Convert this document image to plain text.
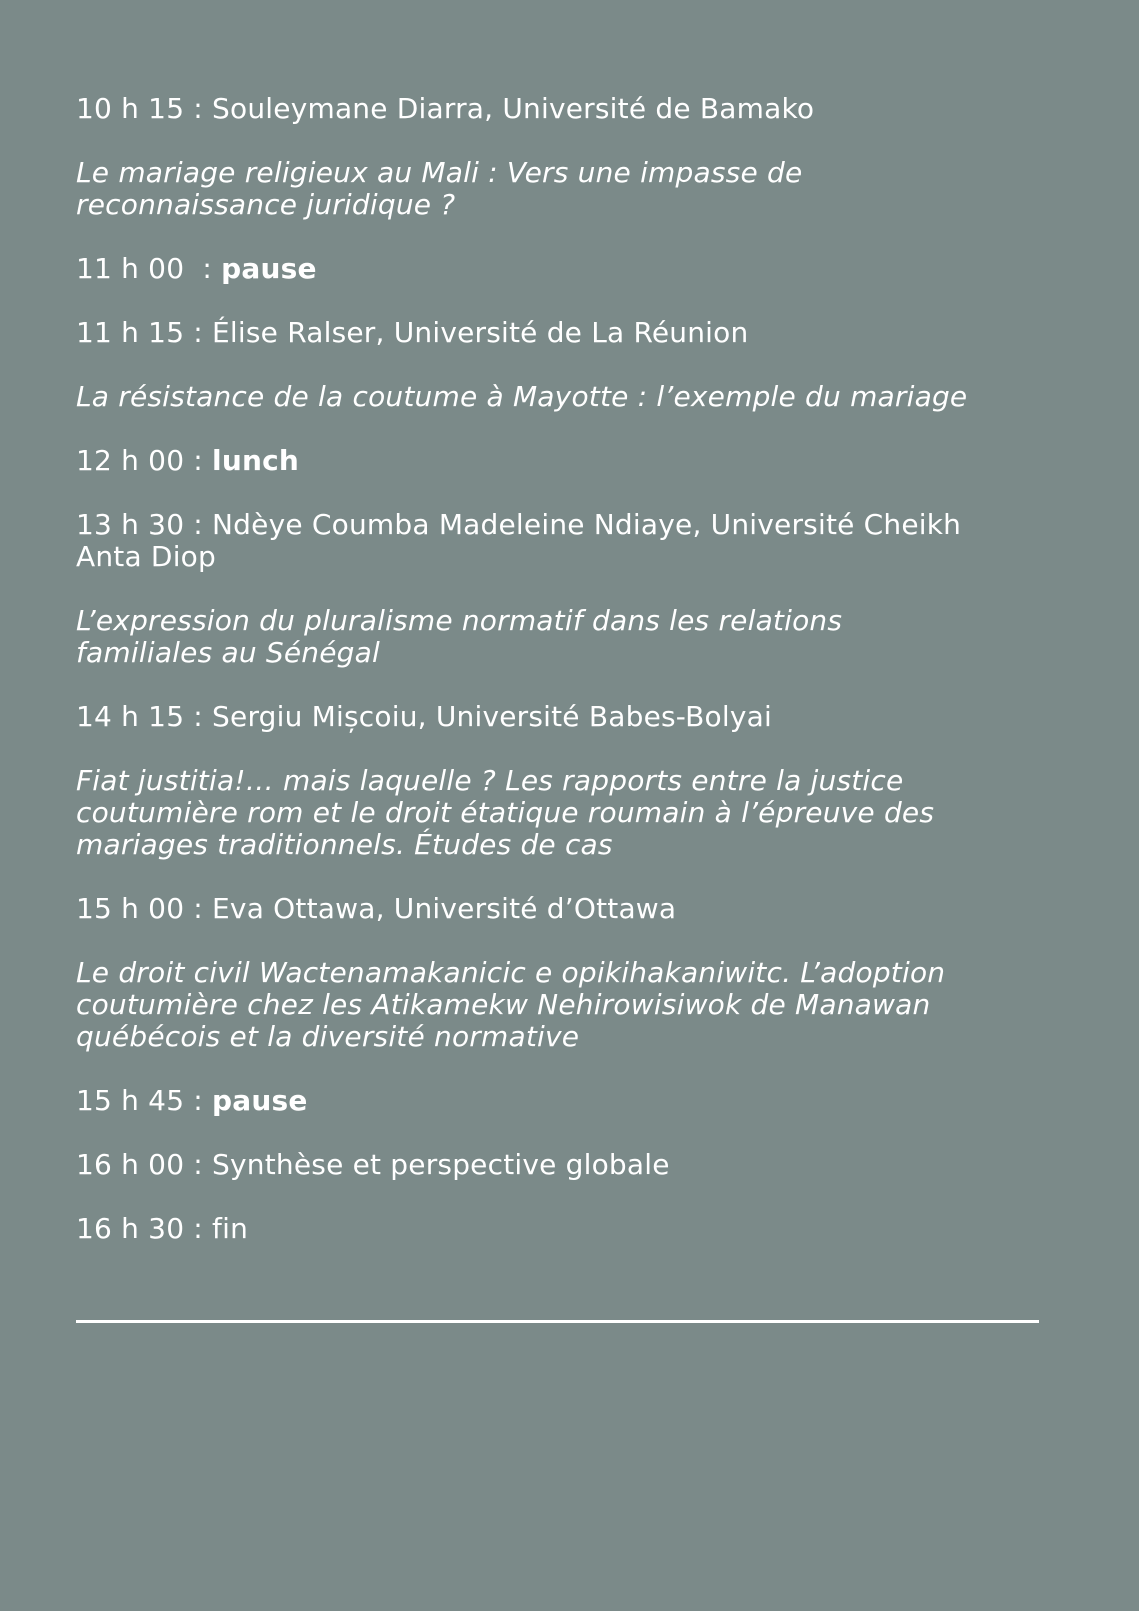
10 h 15 : Souleymane Diarra, Université de Bamako
Le mariage religieux au Mali : Vers une impasse de
reconnaissance juridique ?
11 h 00  : pause
11 h 15 : Élise Ralser, Université de La Réunion
La résistance de la coutume à Mayotte : l’exemple du mariage
12 h 00 : lunch
13 h 30 : Ndèye Coumba Madeleine Ndiaye, Université Cheikh
Anta Diop
L’expression du pluralisme normatif dans les relations
familiales au Sénégal
14 h 15 : Sergiu Mișcoiu, Université Babes-Bolyai
Fiat justitia!… mais laquelle ? Les rapports entre la justice
coutumière rom et le droit étatique roumain à l’épreuve des
mariages traditionnels. Études de cas
15 h 00 : Eva Ottawa, Université d’Ottawa
Le droit civil Wactenamakanicic e opikihakaniwitc. L’adoption
coutumière chez les Atikamekw Nehirowisiwok de Manawan
québécois et la diversité normative
15 h 45 : pause
16 h 00 : Synthèse et perspective globale
16 h 30 : fin
